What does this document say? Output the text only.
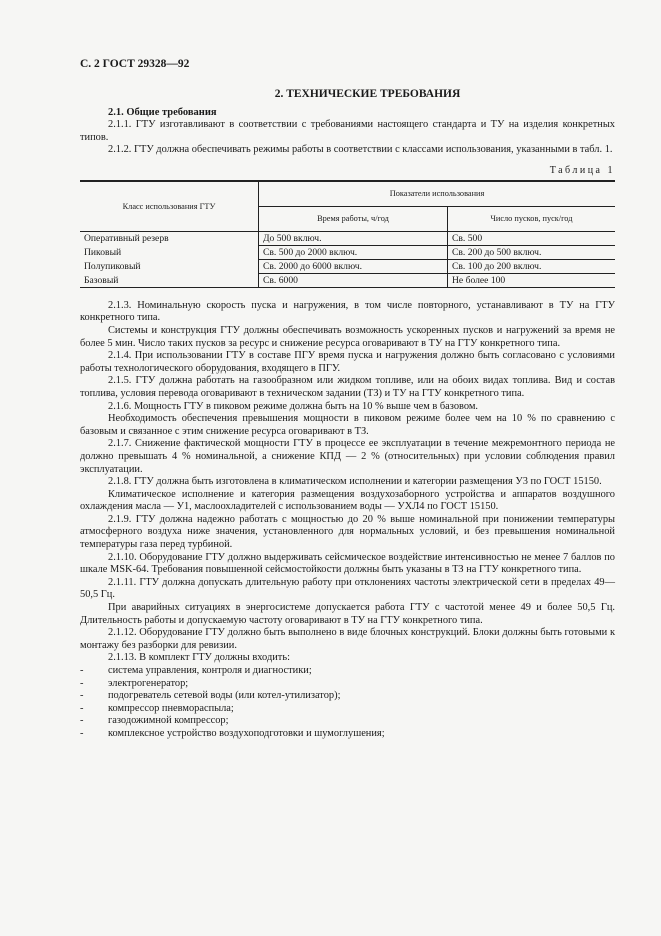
С. 2 ГОСТ 29328—92
2. ТЕХНИЧЕСКИЕ ТРЕБОВАНИЯ
2.1. Общие требования

2.1.1. ГТУ изготавливают в соответствии с требованиями настоящего стандарта и ТУ на изделия конкретных типов.

2.1.2. ГТУ должна обеспечивать режимы работы в соответствии с классами использования, указанными в табл. 1.

Таблица 1
Класс использования ГТУ	Показатели использования	
	Время работы, ч/год	Число пусков, пуск/год
Оперативный резерв	До 500 включ.	Св. 500
Пиковый	Св. 500 до 2000 включ.	Св. 200 до 500 включ.
Полупиковый	Св. 2000 до 6000 включ.	Св. 100 до 200 включ.
Базовый	Св. 6000	Не более 100

2.1.3. Номинальную скорость пуска и нагружения, в том числе повторного, устанавливают в ТУ на ГТУ конкретного типа.

Системы и конструкция ГТУ должны обеспечивать возможность ускоренных пусков и нагружений за время не более 5 мин. Число таких пусков за ресурс и снижение ресурса оговаривают в ТУ на ГТУ конкретного типа.

2.1.4. При использовании ГТУ в составе ПГУ время пуска и нагружения должно быть согласовано с условиями работы технологического оборудования, входящего в ПГУ.

2.1.5. ГТУ должна работать на газообразном или жидком топливе, или на обоих видах топлива. Вид и состав топлива, условия перевода оговаривают в техническом задании (ТЗ) и ТУ на ГТУ конкретного типа.

2.1.6. Мощность ГТУ в пиковом режиме должна быть на 10 % выше чем в базовом.

Необходимость обеспечения превышения мощности в пиковом режиме более чем на 10 % по сравнению с базовым и связанное с этим снижение ресурса оговаривают в ТЗ.

2.1.7. Снижение фактической мощности ГТУ в процессе ее эксплуатации в течение межремонтного периода не должно превышать 4 % номинальной, а снижение КПД — 2 % (относительных) при условии соблюдения правил эксплуатации.

2.1.8. ГТУ должна быть изготовлена в климатическом исполнении и категории размещения У3 по ГОСТ 15150.

Климатическое исполнение и категория размещения воздухозаборного устройства и аппаратов воздушного охлаждения масла — У1, маслоохладителей с использованием воды — УХЛ4 по ГОСТ 15150.

2.1.9. ГТУ должна надежно работать с мощностью до 20 % выше номинальной при понижении температуры атмосферного воздуха ниже значения, установленного для нормальных условий, и без превышения номинальной температуры газа перед турбиной.

2.1.10. Оборудование ГТУ должно выдерживать сейсмическое воздействие интенсивностью не менее 7 баллов по шкале MSK-64. Требования повышенной сейсмостойкости должны быть указаны в ТЗ на ГТУ конкретного типа.

2.1.11. ГТУ должна допускать длительную работу при отклонениях частоты электрической сети в пределах 49—50,5 Гц.

При аварийных ситуациях в энергосистеме допускается работа ГТУ с частотой менее 49 и более 50,5 Гц. Длительность работы и допускаемую частоту оговаривают в ТУ на ГТУ конкретного типа.

2.1.12. Оборудование ГТУ должно быть выполнено в виде блочных конструкций. Блоки должны быть готовыми к монтажу без разборки для ревизии.

2.1.13. В комплект ГТУ должны входить:

- система управления, контроля и диагностики;
- электрогенератор;
- подогреватель сетевой воды (или котел-утилизатор);
- компрессор пневмораспыла;
- газодожимной компрессор;
- комплексное устройство воздухоподготовки и шумоглушения;
